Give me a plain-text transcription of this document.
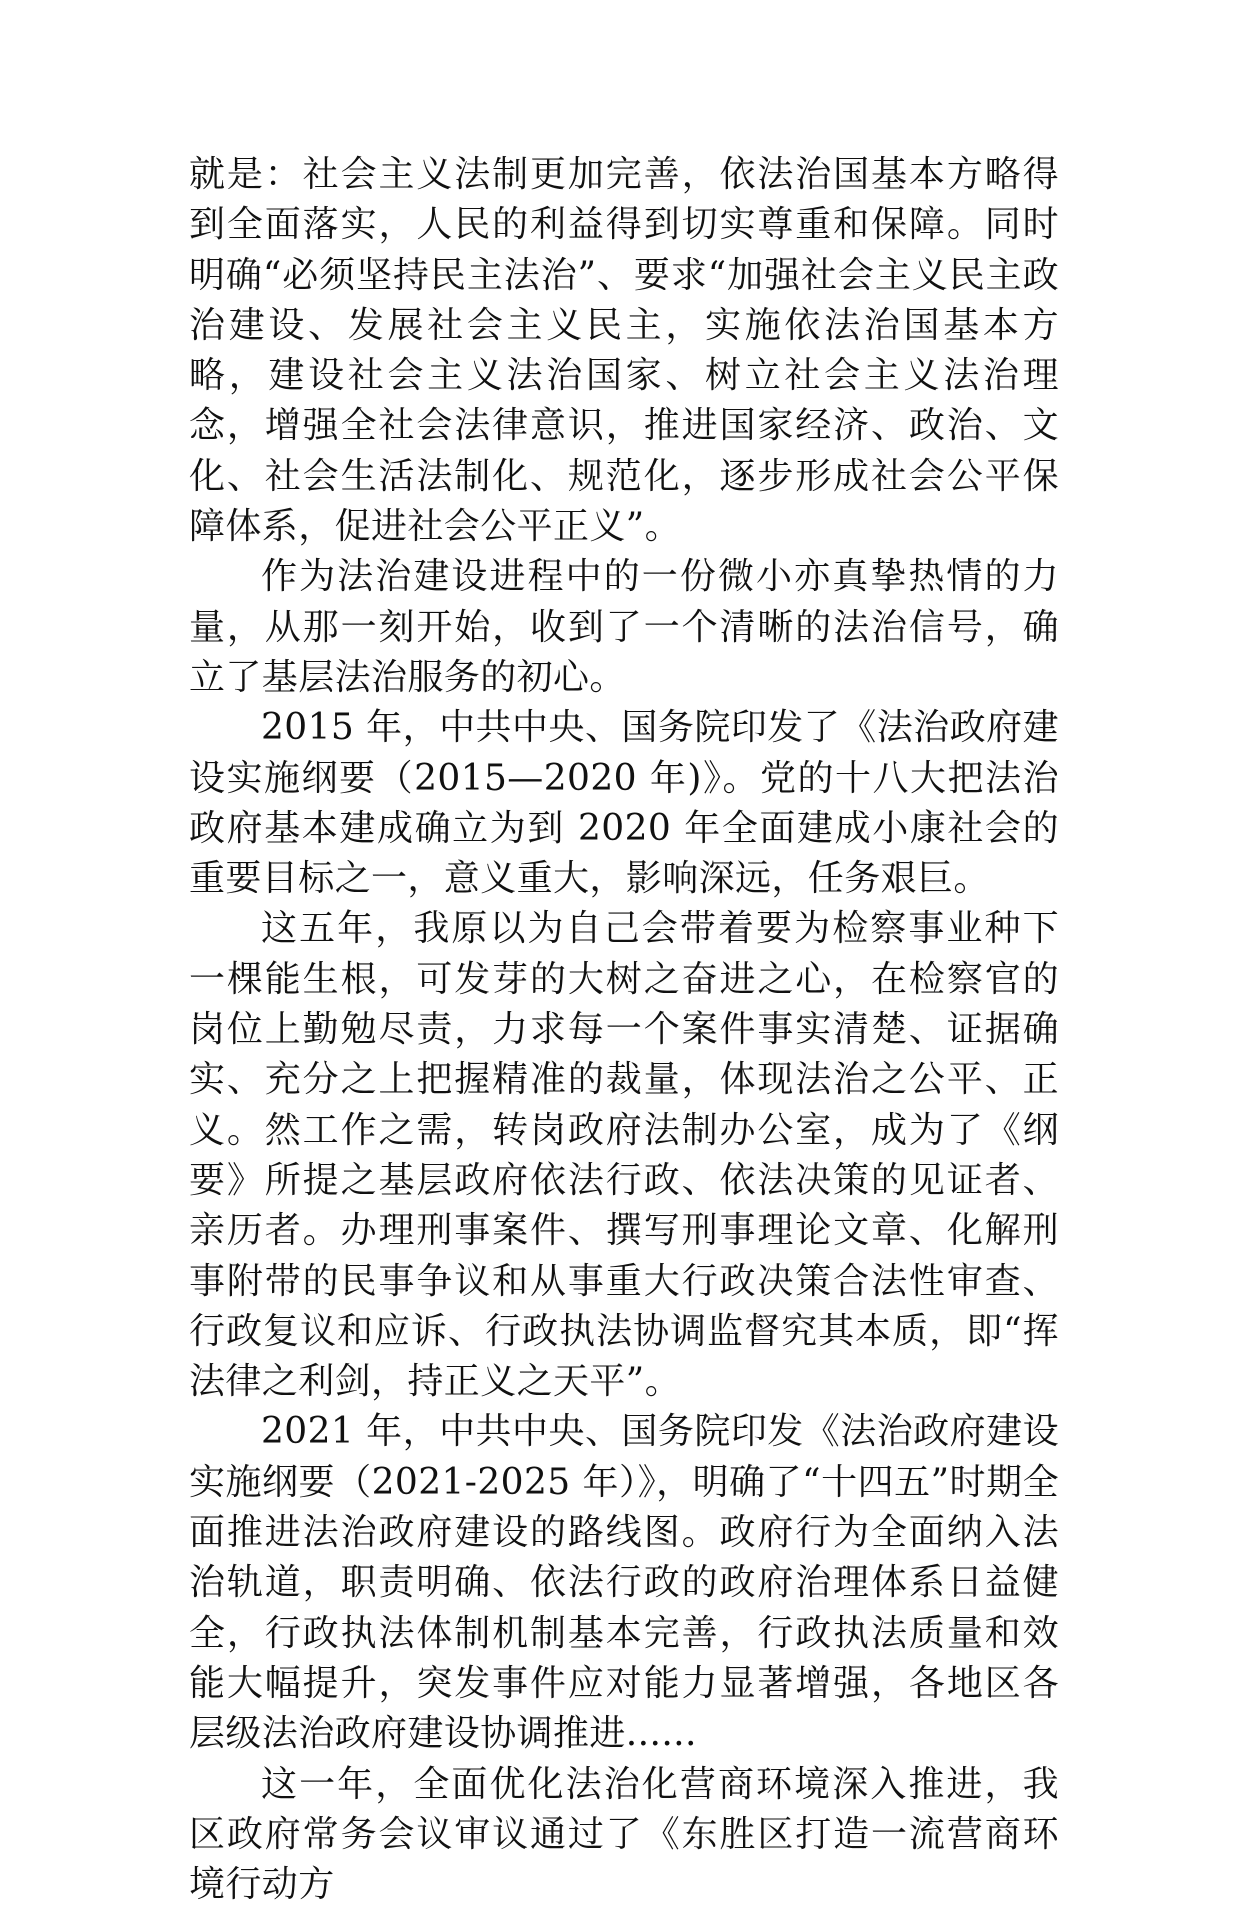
就是：社会主义法制更加完善，依法治国基本方略得到全面落实，人民的利益得到切实尊重和保障。同时明确“必须坚持民主法治”、要求“加强社会主义民主政治建设、发展社会主义民主，实施依法治国基本方略，建设社会主义法治国家、树立社会主义法治理念，增强全社会法律意识，推进国家经济、政治、文化、社会生活法制化、规范化，逐步形成社会公平保障体系，促进社会公平正义”。

作为法治建设进程中的一份微小亦真挚热情的力量，从那一刻开始，收到了一个清晰的法治信号，确立了基层法治服务的初心。

2015 年，中共中央、国务院印发了《法治政府建设实施纲要（2015—2020 年)》。党的十八大把法治政府基本建成确立为到 2020 年全面建成小康社会的重要目标之一，意义重大，影响深远，任务艰巨。

这五年，我原以为自己会带着要为检察事业种下一棵能生根，可发芽的大树之奋进之心，在检察官的岗位上勤勉尽责，力求每一个案件事实清楚、证据确实、充分之上把握精准的裁量，体现法治之公平、正义。然工作之需，转岗政府法制办公室，成为了《纲要》所提之基层政府依法行政、依法决策的见证者、亲历者。办理刑事案件、撰写刑事理论文章、化解刑事附带的民事争议和从事重大行政决策合法性审查、行政复议和应诉、行政执法协调监督究其本质，即“挥法律之利剑，持正义之天平”。

2021 年，中共中央、国务院印发《法治政府建设实施纲要（2021-2025 年）》，明确了“十四五”时期全面推进法治政府建设的路线图。政府行为全面纳入法治轨道，职责明确、依法行政的政府治理体系日益健全，行政执法体制机制基本完善，行政执法质量和效能大幅提升，突发事件应对能力显著增强，各地区各层级法治政府建设协调推进......

这一年，全面优化法治化营商环境深入推进，我区政府常务会议审议通过了《东胜区打造一流营商环境行动方
